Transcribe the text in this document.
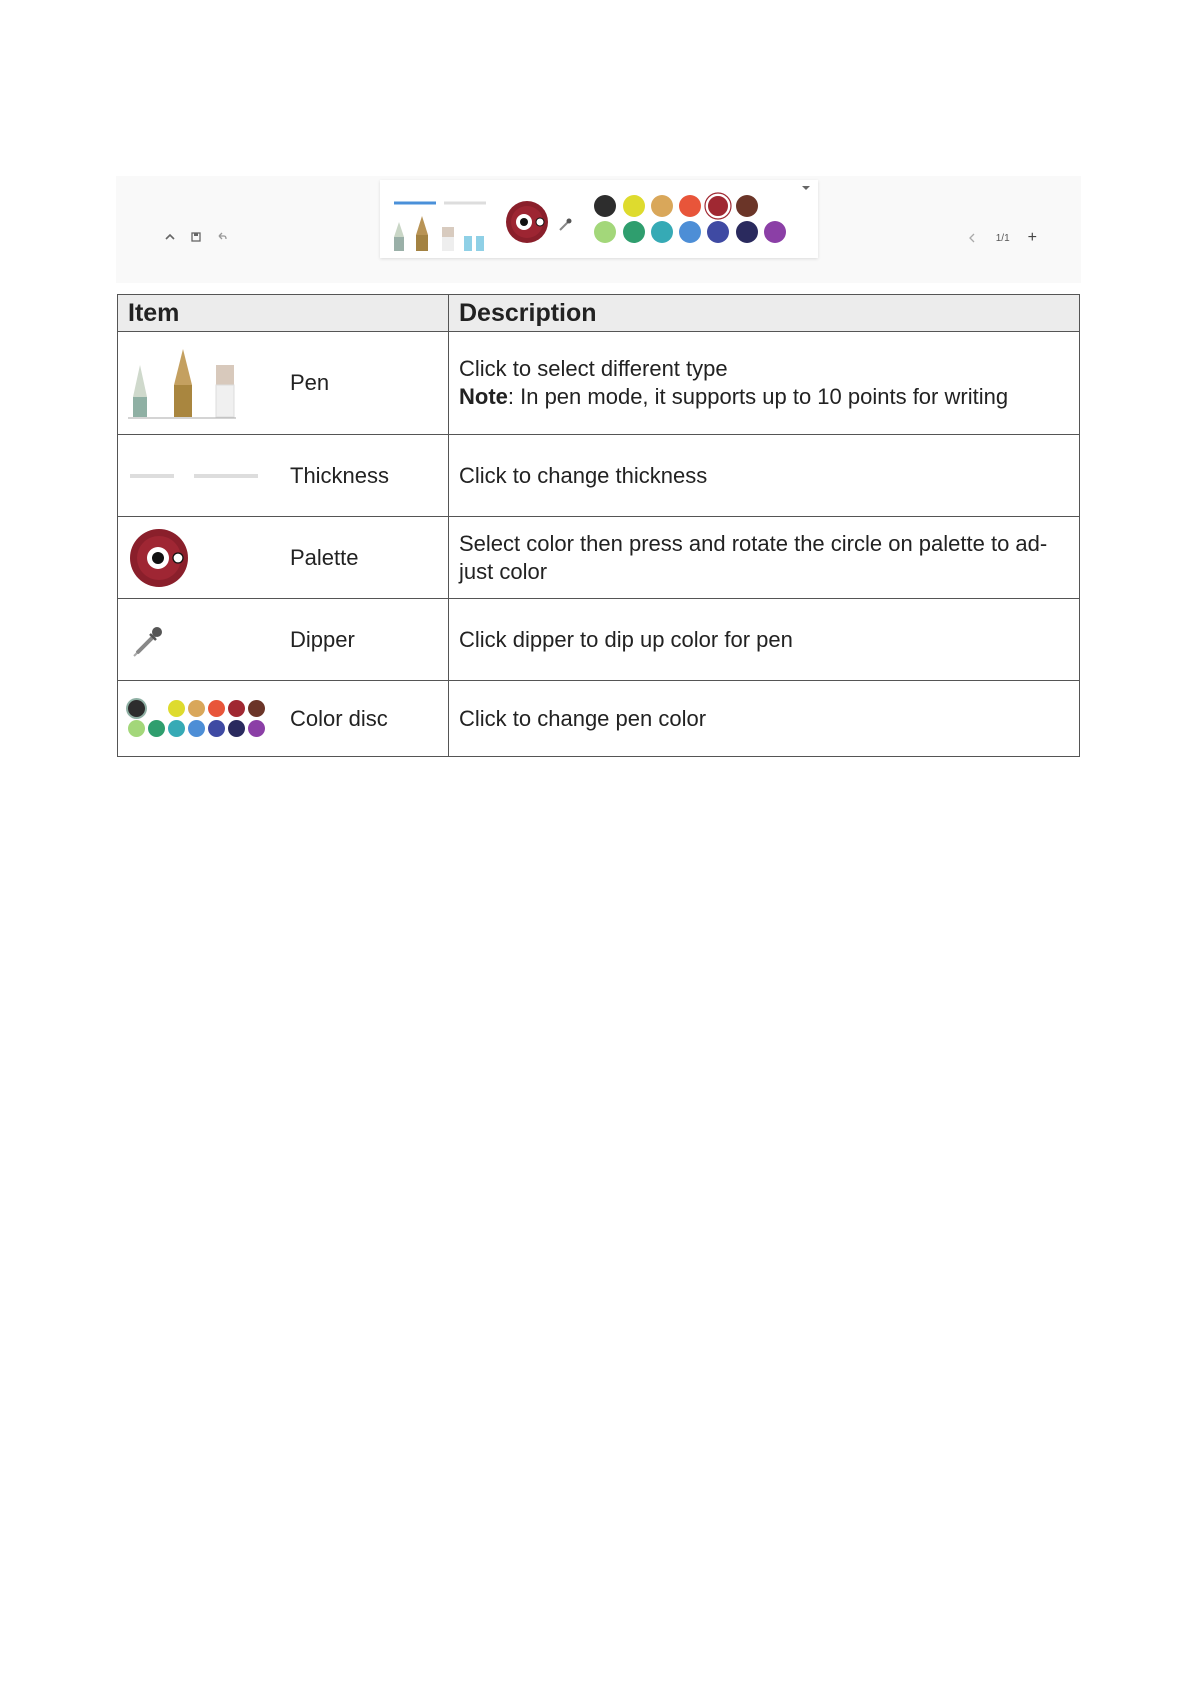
1/1 +
Item	Description

Pen	Click to select different type
Note: In pen mode, it supports up to 10 points for writing

Thickness	Click to change thickness

Palette	Select color then press and rotate the circle on palette to ad-just color

Dipper	Click dipper to dip up color for pen

Color disc	Click to change pen color
